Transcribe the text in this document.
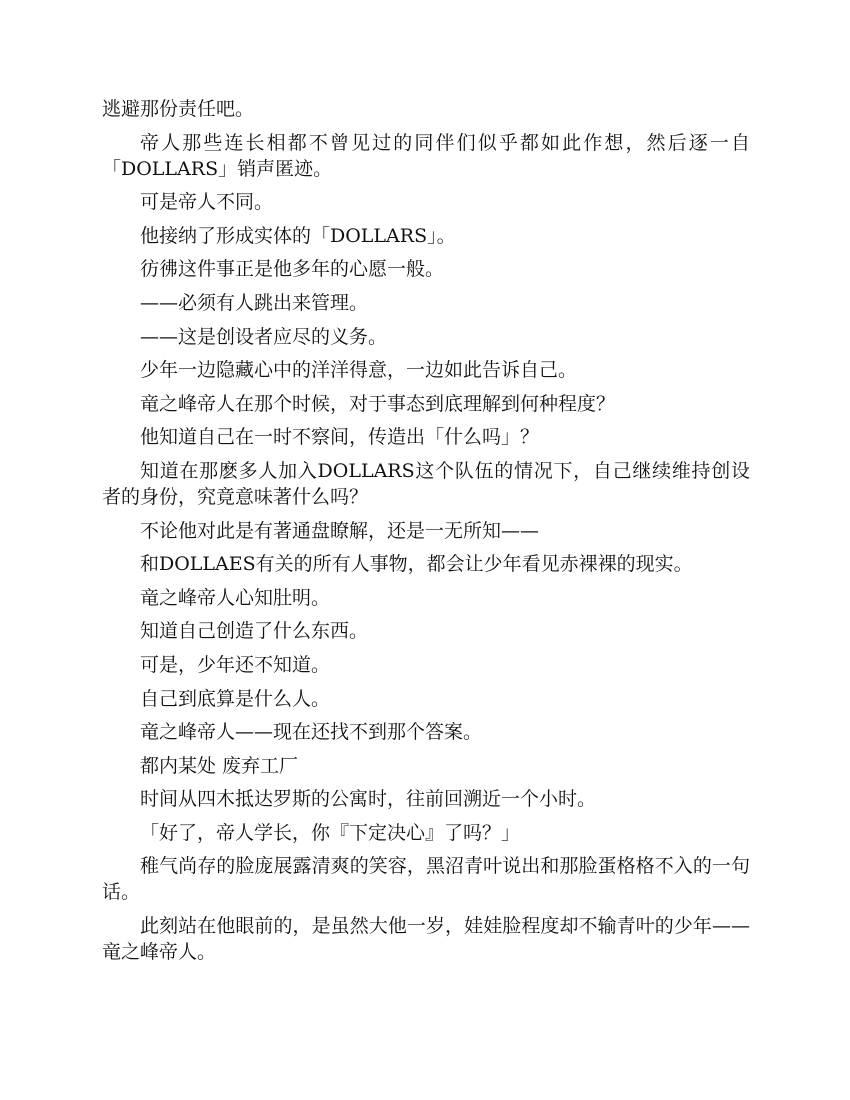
逃避那份责任吧。

帝人那些连长相都不曾见过的同伴们似乎都如此作想，然后逐一自「DOLLARS」销声匿迹。

可是帝人不同。

他接纳了形成实体的「DOLLARS」。

彷彿这件事正是他多年的心愿一般。

——必须有人跳出来管理。

——这是创设者应尽的义务。

少年一边隐藏心中的洋洋得意，一边如此告诉自己。

竜之峰帝人在那个时候，对于事态到底理解到何种程度？

他知道自己在一时不察间，传造出「什么吗」？

知道在那麽多人加入DOLLARS这个队伍的情况下，自己继续维持创设者的身份，究竟意味著什么吗？

不论他对此是有著通盘瞭解，还是一无所知——

和DOLLAES有关的所有人事物，都会让少年看见赤裸裸的现实。

竜之峰帝人心知肚明。

知道自己创造了什么东西。

可是，少年还不知道。

自己到底算是什么人。

竜之峰帝人——现在还找不到那个答案。

都内某处 废弃工厂

时间从四木抵达罗斯的公寓时，往前回溯近一个小时。

「好了，帝人学长，你『下定决心』了吗？」

稚气尚存的脸庞展露清爽的笑容，黑沼青叶说出和那脸蛋格格不入的一句话。

此刻站在他眼前的，是虽然大他一岁，娃娃脸程度却不输青叶的少年——竜之峰帝人。
